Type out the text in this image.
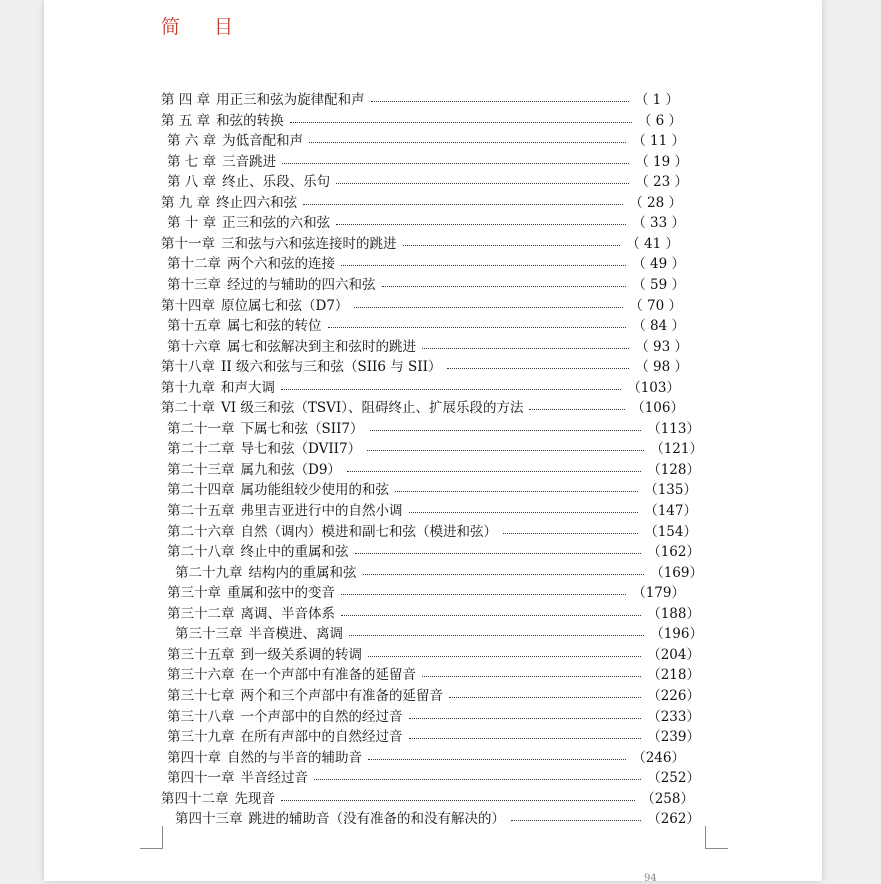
简 目
第 四 章 用正三和弦为旋律配和声	（ 1 ）
第 五 章 和弦的转换	（ 6 ）
第 六 章 为低音配和声	（ 11 ）
第 七 章 三音跳进	（ 19 ）
第 八 章 终止、乐段、乐句	（ 23 ）
第 九 章 终止四六和弦	（ 28 ）
第 十 章 正三和弦的六和弦	（ 33 ）
第十一章 三和弦与六和弦连接时的跳进	（ 41 ）
第十二章 两个六和弦的连接	（ 49 ）
第十三章 经过的与辅助的四六和弦	（ 59 ）
第十四章 原位属七和弦（D7）	（ 70 ）
第十五章 属七和弦的转位	（ 84 ）
第十六章 属七和弦解决到主和弦时的跳进	（ 93 ）
第十八章 II 级六和弦与三和弦（SII6 与 SII）	（ 98 ）
第十九章 和声大调	（103）
第二十章 VI 级三和弦（TSVI）、阻碍终止、扩展乐段的方法	（106）
第二十一章 下属七和弦（SII7）	（113）
第二十二章 导七和弦（DVII7）	（121）
第二十三章 属九和弦（D9）	（128）
第二十四章 属功能组较少使用的和弦	（135）
第二十五章 弗里吉亚进行中的自然小调	（147）
第二十六章 自然（调内）模进和副七和弦（模进和弦）	（154）
第二十八章 终止中的重属和弦	（162）
第二十九章 结构内的重属和弦	（169）
第三十章 重属和弦中的变音	（179）
第三十二章 离调、半音体系	（188）
第三十三章 半音模进、离调	（196）
第三十五章 到一级关系调的转调	（204）
第三十六章 在一个声部中有准备的延留音	（218）
第三十七章 两个和三个声部中有准备的延留音	（226）
第三十八章 一个声部中的自然的经过音	（233）
第三十九章 在所有声部中的自然经过音	（239）
第四十章 自然的与半音的辅助音	（246）
第四十一章 半音经过音	（252）
第四十二章 先现音	（258）
第四十三章 跳进的辅助音（没有准备的和没有解决的）	（262）
94
